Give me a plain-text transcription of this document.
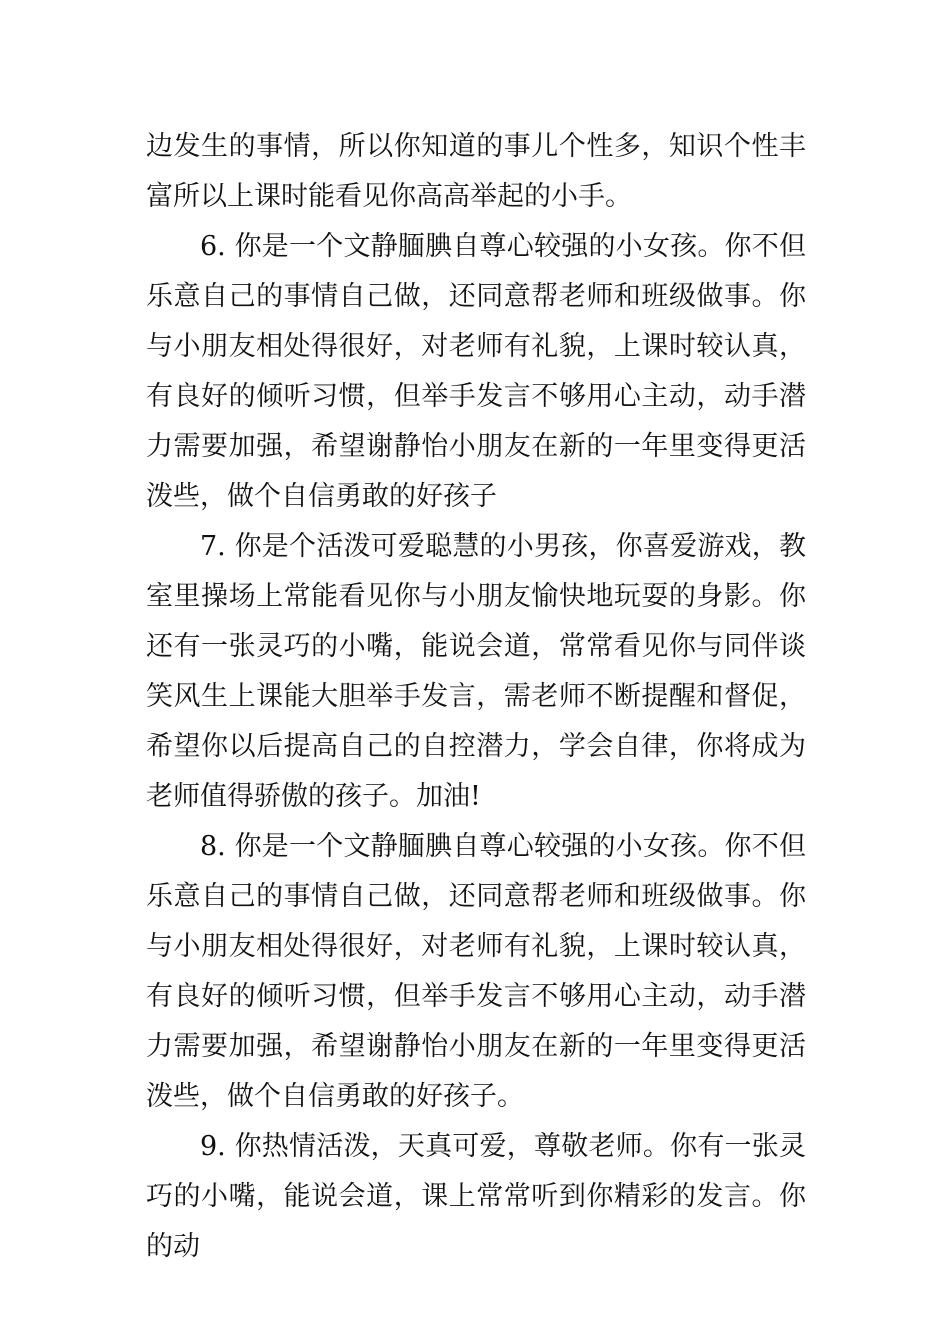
边发生的事情，所以你知道的事儿个性多，知识个性丰富所以上课时能看见你高高举起的小手。

6. 你是一个文静腼腆自尊心较强的小女孩。你不但乐意自己的事情自己做，还同意帮老师和班级做事。你与小朋友相处得很好，对老师有礼貌，上课时较认真，有良好的倾听习惯，但举手发言不够用心主动，动手潜力需要加强，希望谢静怡小朋友在新的一年里变得更活泼些，做个自信勇敢的好孩子

7. 你是个活泼可爱聪慧的小男孩，你喜爱游戏，教室里操场上常能看见你与小朋友愉快地玩耍的身影。你还有一张灵巧的小嘴，能说会道，常常看见你与同伴谈笑风生上课能大胆举手发言，需老师不断提醒和督促，希望你以后提高自己的自控潜力，学会自律，你将成为老师值得骄傲的孩子。加油!

8. 你是一个文静腼腆自尊心较强的小女孩。你不但乐意自己的事情自己做，还同意帮老师和班级做事。你与小朋友相处得很好，对老师有礼貌，上课时较认真，有良好的倾听习惯，但举手发言不够用心主动，动手潜力需要加强，希望谢静怡小朋友在新的一年里变得更活泼些，做个自信勇敢的好孩子。

9. 你热情活泼，天真可爱，尊敬老师。你有一张灵巧的小嘴，能说会道，课上常常听到你精彩的发言。你的动
